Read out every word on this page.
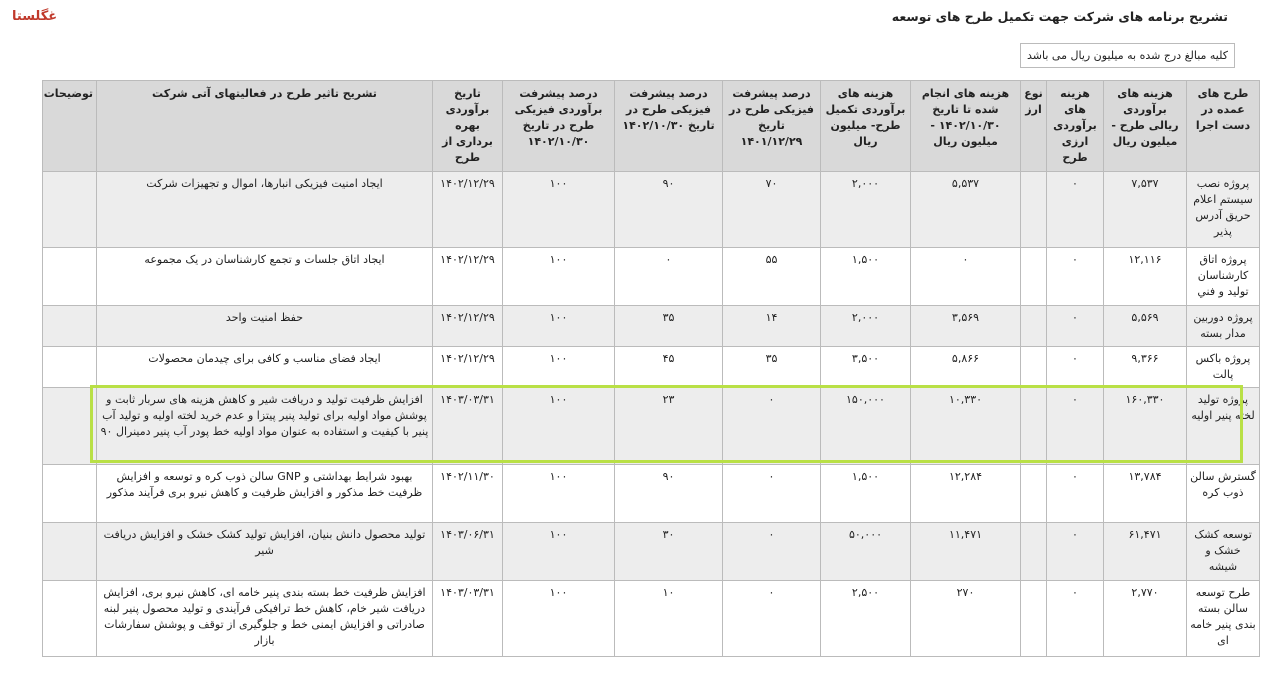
تشریح برنامه های شرکت جهت تکمیل طرح های توسعه
غگلستا
کلیه مبالغ درج شده به میلیون ریال می باشد
طرح های عمده در دست اجرا	هزینه های برآوردی ریالی طرح - میلیون ریال	هزینه های برآوردی ارزی طرح	نوع ارز	هزینه های انجام شده تا تاریخ ۱۴۰۲/۱۰/۳۰ - میلیون ریال	هزینه های برآوردی تکمیل طرح- میلیون ریال	درصد پیشرفت فیزیکی طرح در تاریخ ۱۴۰۱/۱۲/۲۹	درصد پیشرفت فیزیکی طرح در تاریخ ۱۴۰۲/۱۰/۳۰	درصد پیشرفت برآوردی فیزیکی طرح در تاریخ ۱۴۰۲/۱۰/۳۰	تاریخ برآوردی بهره برداری از طرح	تشریح تاثیر طرح در فعالیتهای آتی شرکت	توضیحات
پروژه نصب سیستم اعلام حریق آدرس پذیر	۷,۵۳۷	۰		۵,۵۳۷	۲,۰۰۰	۷۰	۹۰	۱۰۰	۱۴۰۲/۱۲/۲۹	ایجاد امنیت فیزیکی انبارها، اموال و تجهیزات شرکت	
پروژه اتاق کارشناسان تولید و فني	۱۲,۱۱۶	۰		۰	۱,۵۰۰	۵۵	۰	۱۰۰	۱۴۰۲/۱۲/۲۹	ایجاد اتاق جلسات و تجمع کارشناسان در یک مجموعه	
پروژه دوربین مدار بسته	۵,۵۶۹	۰		۳,۵۶۹	۲,۰۰۰	۱۴	۳۵	۱۰۰	۱۴۰۲/۱۲/۲۹	حفظ امنیت واحد	
پروژه باکس پالت	۹,۳۶۶	۰		۵,۸۶۶	۳,۵۰۰	۳۵	۴۵	۱۰۰	۱۴۰۲/۱۲/۲۹	ایجاد فضای مناسب و کافی برای چیدمان محصولات	
پروژه تولید لخته پنیر اولیه	۱۶۰,۳۳۰	۰		۱۰,۳۳۰	۱۵۰,۰۰۰	۰	۲۳	۱۰۰	۱۴۰۳/۰۳/۳۱	افزایش ظرفیت تولید و دریافت شیر و کاهش هزینه های سربار ثابت و پوشش مواد اولیه برای تولید پنیر پیتزا و عدم خرید لخته اولیه و تولید آب پنیر با کیفیت و استفاده به عنوان مواد اولیه خط پودر آب پنیر دمینرال ۹۰	
گسترش سالن ذوب کره	۱۳,۷۸۴	۰		۱۲,۲۸۴	۱,۵۰۰	۰	۹۰	۱۰۰	۱۴۰۲/۱۱/۳۰	بهبود شرایط بهداشتی و GNP سالن ذوب کره و توسعه و افزایش ظرفیت خط مذکور و افزایش ظرفیت و کاهش نیرو بری فرآیند مذکور	
توسعه کشک خشک و شیشه	۶۱,۴۷۱	۰		۱۱,۴۷۱	۵۰,۰۰۰	۰	۳۰	۱۰۰	۱۴۰۳/۰۶/۳۱	تولید محصول دانش بنیان، افزایش تولید کشک خشک و افزایش دریافت شیر	
طرح توسعه سالن بسته بندی پنیر خامه ای	۲,۷۷۰	۰		۲۷۰	۲,۵۰۰	۰	۱۰	۱۰۰	۱۴۰۳/۰۳/۳۱	افزایش ظرفیت خط بسته بندی پنیر خامه ای، کاهش نیرو بری، افزایش دریافت شیر خام، کاهش خط ترافیکی فرآیندی و تولید محصول پنیر لبنه صادراتی و افزایش ایمنی خط و جلوگیری از توقف و پوشش سفارشات بازار	
